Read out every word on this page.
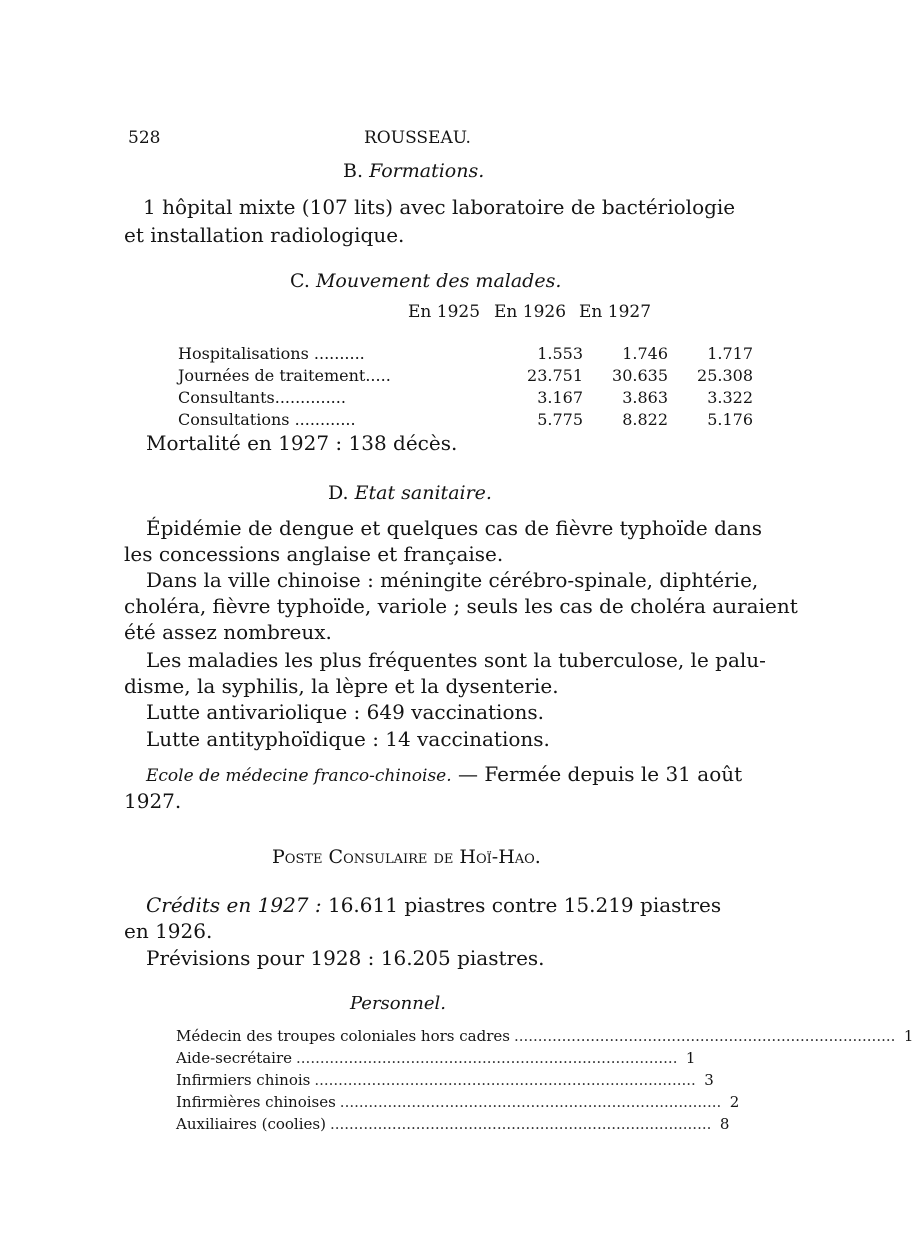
528	ROUSSEAU.
B. Formations.
1 hôpital mixte (107 lits) avec laboratoire de bactériologie
et installation radiologique.
C. Mouvement des malades.
En 1925 En 1926 En 1927
Hospitalisations ..........	1.553	1.746	1.717
Journées de traitement.....	23.751	30.635	25.308
Consultants..............	3.167	3.863	3.322
Consultations ............	5.775	8.822	5.176
Mortalité en 1927 : 138 décès.
D. Etat sanitaire.
Épidémie de dengue et quelques cas de fièvre typhoïde dans
les concessions anglaise et française.
Dans la ville chinoise : méningite cérébro-spinale, diphtérie,
choléra, fièvre typhoïde, variole ; seuls les cas de choléra auraient
été assez nombreux.
Les maladies les plus fréquentes sont la tuberculose, le palu-
disme, la syphilis, la lèpre et la dysenterie.
Lutte antivariolique : 649 vaccinations.
Lutte antityphoïdique : 14 vaccinations.
Ecole de médecine franco-chinoise. — Fermée depuis le 31 août
1927.
Poste Consulaire de Hoï-Hao.
Crédits en 1927 : 16.611 piastres contre 15.219 piastres
en 1926.
Prévisions pour 1928 : 16.205 piastres.
Personnel.
Médecin des troupes coloniales hors cadres ................................................................................ 1
Aide-secrétaire ................................................................................ 1
Infirmiers chinois ................................................................................ 3
Infirmières chinoises ................................................................................ 2
Auxiliaires (coolies) ................................................................................ 8
